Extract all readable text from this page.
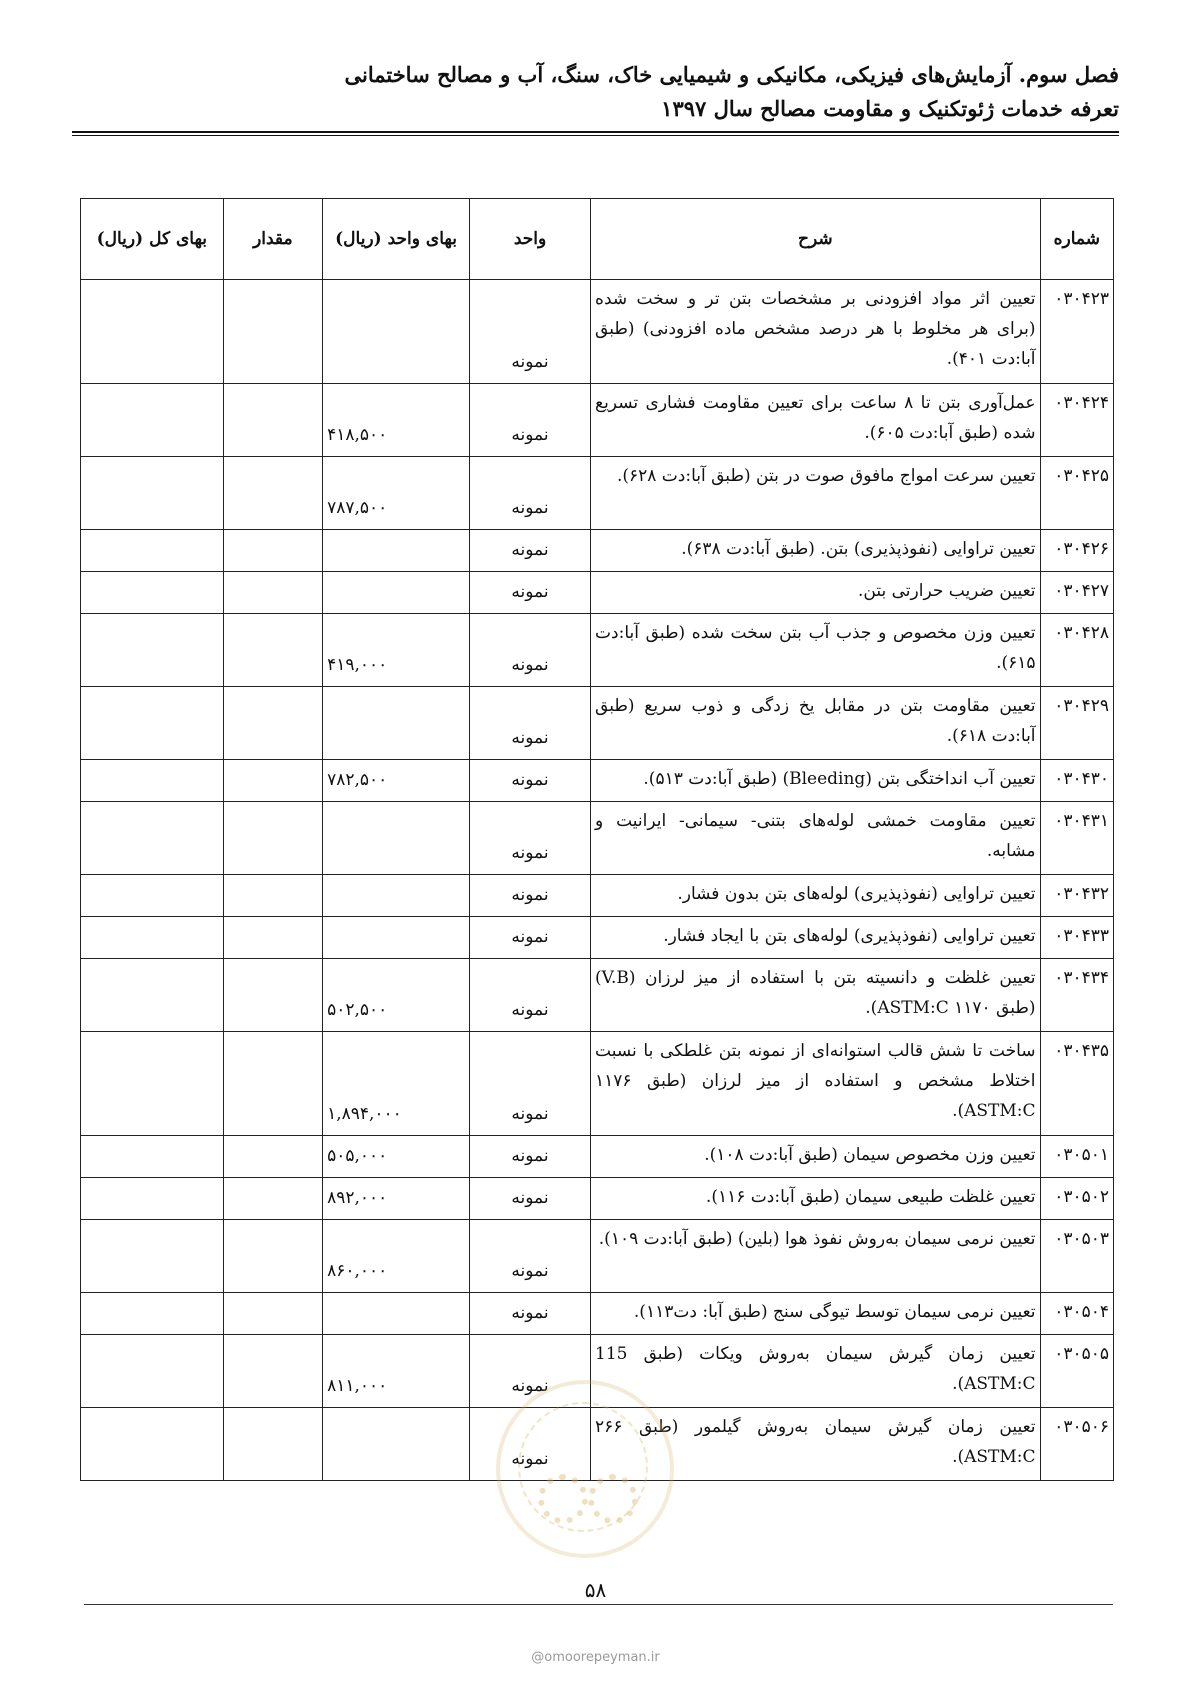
فصل سوم. آزمایش‌های فیزیکی، مکانیکی و شیمیایی خاک، سنگ، آب و مصالح ساختمانی
تعرفه خدمات ژئوتکنیک و مقاومت مصالح سال ۱۳۹۷
شماره	شرح	واحد	بهای واحد (ریال)	مقدار	بهای کل (ریال)
۰۳۰۴۲۳	تعیین اثر مواد افزودنی بر مشخصات بتن تر و سخت شده (برای هر مخلوط با هر درصد مشخص ماده افزودنی) (طبق آبا:دت ۴۰۱).	نمونه			
۰۳۰۴۲۴	عمل‌آوری بتن تا ۸ ساعت برای تعیین مقاومت فشاری تسریع شده (طبق آبا:دت ۶۰۵).	نمونه	۴۱۸,۵۰۰		
۰۳۰۴۲۵	تعیین سرعت امواج مافوق صوت در بتن (طبق آبا:دت ۶۲۸).	نمونه	۷۸۷,۵۰۰		
۰۳۰۴۲۶	تعیین تراوایی (نفوذپذیری) بتن. (طبق آبا:دت ۶۳۸).	نمونه			
۰۳۰۴۲۷	تعیین ضریب حرارتی بتن.	نمونه			
۰۳۰۴۲۸	تعیین وزن مخصوص و جذب آب بتن سخت شده (طبق آبا:دت ۶۱۵).	نمونه	۴۱۹,۰۰۰		
۰۳۰۴۲۹	تعیین مقاومت بتن در مقابل یخ زدگی و ذوب سریع (طبق آبا:دت ۶۱۸).	نمونه			
۰۳۰۴۳۰	تعیین آب انداختگی بتن (Bleeding) (طبق آبا:دت ۵۱۳).	نمونه	۷۸۲,۵۰۰		
۰۳۰۴۳۱	تعیین مقاومت خمشی لوله‌های بتنی- سیمانی- ایرانیت و مشابه.	نمونه			
۰۳۰۴۳۲	تعیین تراوایی (نفوذپذیری) لوله‌های بتن بدون فشار.	نمونه			
۰۳۰۴۳۳	تعیین تراوایی (نفوذپذیری) لوله‌های بتن با ایجاد فشار.	نمونه			
۰۳۰۴۳۴	تعیین غلظت و دانسیته بتن با استفاده از میز لرزان (V.B) (طبق ۱۱۷۰ ASTM:C).	نمونه	۵۰۲,۵۰۰		
۰۳۰۴۳۵	ساخت تا شش قالب استوانه‌ای از نمونه بتن غلطکی با نسبت اختلاط مشخص و استفاده از میز لرزان (طبق ۱۱۷۶ ASTM:C).	نمونه	۱,۸۹۴,۰۰۰		
۰۳۰۵۰۱	تعیین وزن مخصوص سیمان (طبق آبا:دت ۱۰۸).	نمونه	۵۰۵,۰۰۰		
۰۳۰۵۰۲	تعیین غلظت طبیعی سیمان (طبق آبا:دت ۱۱۶).	نمونه	۸۹۲,۰۰۰		
۰۳۰۵۰۳	تعیین نرمی سیمان به‌روش نفوذ هوا (بلین) (طبق آبا:دت ۱۰۹).	نمونه	۸۶۰,۰۰۰		
۰۳۰۵۰۴	تعیین نرمی سیمان توسط تیوگی سنج (طبق آبا: دت۱۱۳).	نمونه			
۰۳۰۵۰۵	تعیین زمان گیرش سیمان به‌روش ویکات (طبق 115 ASTM:C).	نمونه	۸۱۱,۰۰۰		
۰۳۰۵۰۶	تعیین زمان گیرش سیمان به‌روش گیلمور (طبق ۲۶۶ ASTM:C).	نمونه			
۵۸
@omoorepeyman.ir
